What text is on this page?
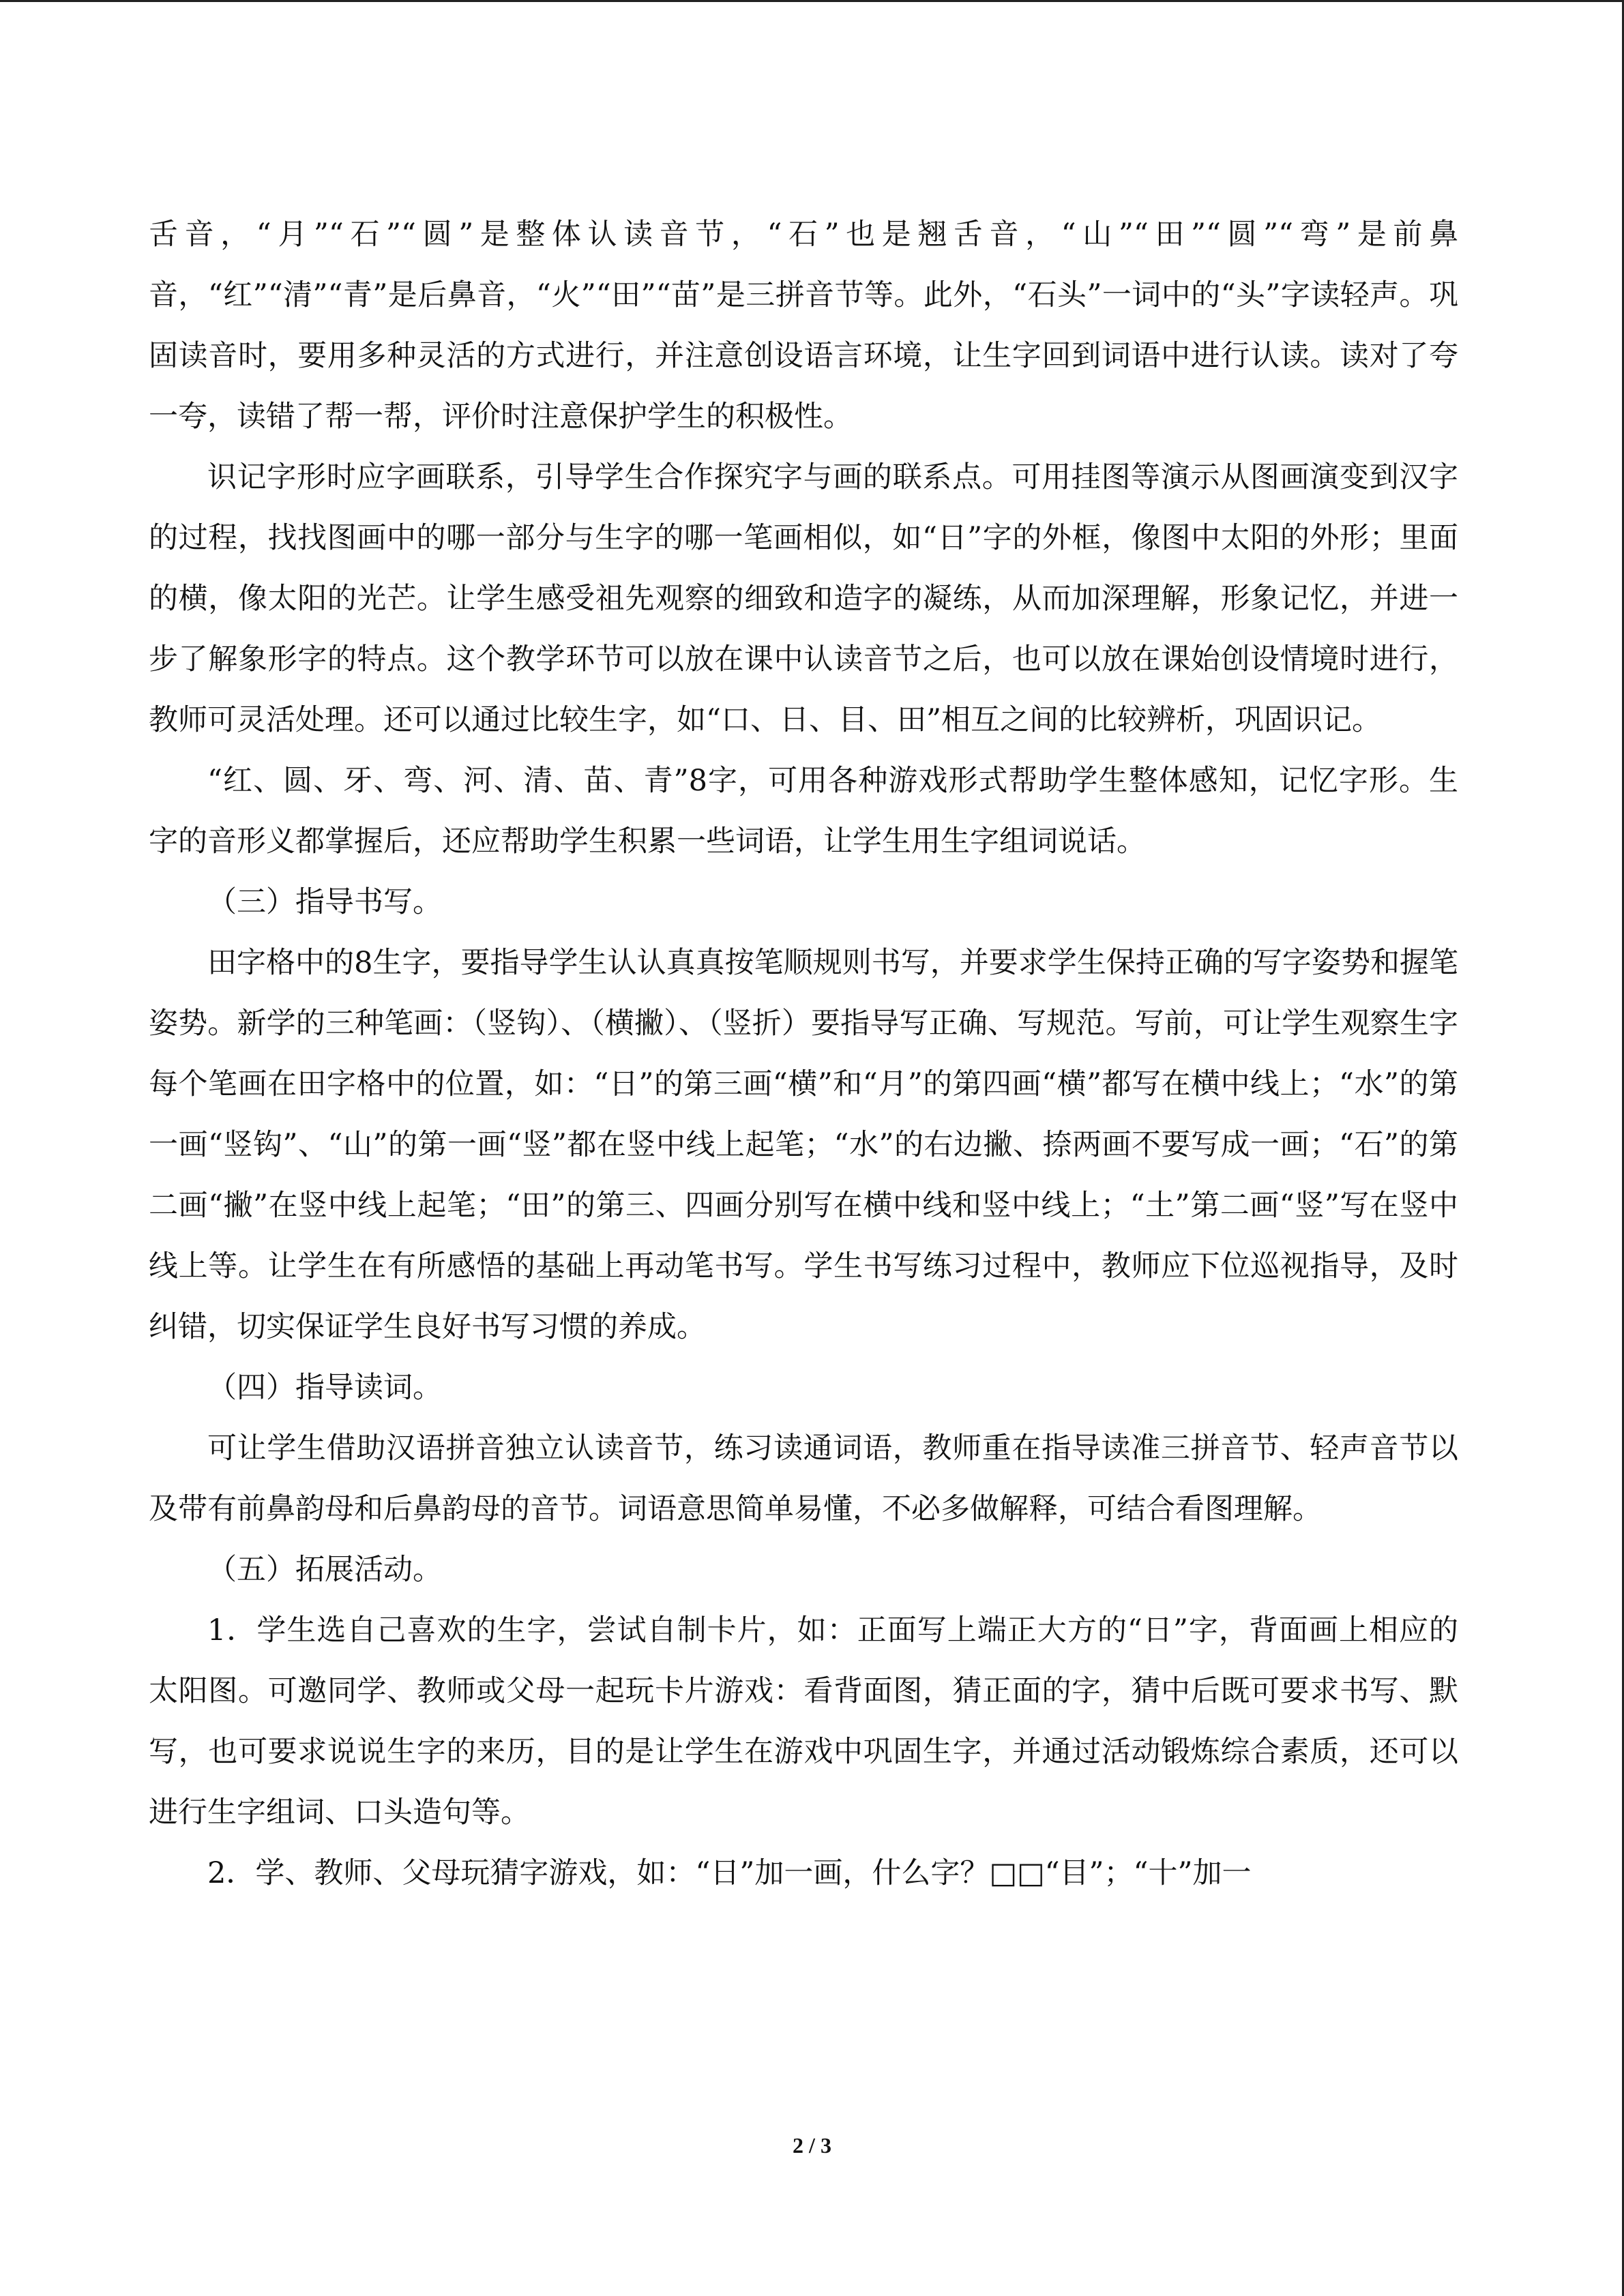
舌音，“月”“石”“圆”是整体认读音节，“石”也是翘舌音，“山”“田”“圆”“弯”是前鼻音，“红”“清”“青”是后鼻音，“火”“田”“苗”是三拼音节等。此外，“石头”一词中的“头”字读轻声。巩固读音时，要用多种灵活的方式进行，并注意创设语言环境，让生字回到词语中进行认读。读对了夸一夸，读错了帮一帮，评价时注意保护学生的积极性。

识记字形时应字画联系，引导学生合作探究字与画的联系点。可用挂图等演示从图画演变到汉字的过程，找找图画中的哪一部分与生字的哪一笔画相似，如“日”字的外框，像图中太阳的外形；里面的横，像太阳的光芒。让学生感受祖先观察的细致和造字的凝练，从而加深理解，形象记忆，并进一步了解象形字的特点。这个教学环节可以放在课中认读音节之后，也可以放在课始创设情境时进行，教师可灵活处理。还可以通过比较生字，如“口、日、目、田”相互之间的比较辨析，巩固识记。

“红、圆、牙、弯、河、清、苗、青”8字，可用各种游戏形式帮助学生整体感知，记忆字形。生字的音形义都掌握后，还应帮助学生积累一些词语，让学生用生字组词说话。

（三）指导书写。

田字格中的8生字，要指导学生认认真真按笔顺规则书写，并要求学生保持正确的写字姿势和握笔姿势。新学的三种笔画：（竖钩）、（横撇）、（竖折）要指导写正确、写规范。写前，可让学生观察生字每个笔画在田字格中的位置，如：“日”的第三画“横”和“月”的第四画“横”都写在横中线上；“水”的第一画“竖钩”、“山”的第一画“竖”都在竖中线上起笔；“水”的右边撇、捺两画不要写成一画；“石”的第二画“撇”在竖中线上起笔；“田”的第三、四画分别写在横中线和竖中线上；“土”第二画“竖”写在竖中线上等。让学生在有所感悟的基础上再动笔书写。学生书写练习过程中，教师应下位巡视指导，及时纠错，切实保证学生良好书写习惯的养成。

（四）指导读词。

可让学生借助汉语拼音独立认读音节，练习读通词语，教师重在指导读准三拼音节、轻声音节以及带有前鼻韵母和后鼻韵母的音节。词语意思简单易懂，不必多做解释，可结合看图理解。

（五）拓展活动。

1．学生选自己喜欢的生字，尝试自制卡片，如：正面写上端正大方的“日”字，背面画上相应的太阳图。可邀同学、教师或父母一起玩卡片游戏：看背面图，猜正面的字，猜中后既可要求书写、默写，也可要求说说生字的来历，目的是让学生在游戏中巩固生字，并通过活动锻炼综合素质，还可以进行生字组词、口头造句等。

2．学、教师、父母玩猜字游戏，如：“日”加一画，什么字？□□“目”；“十”加一

2 / 3
